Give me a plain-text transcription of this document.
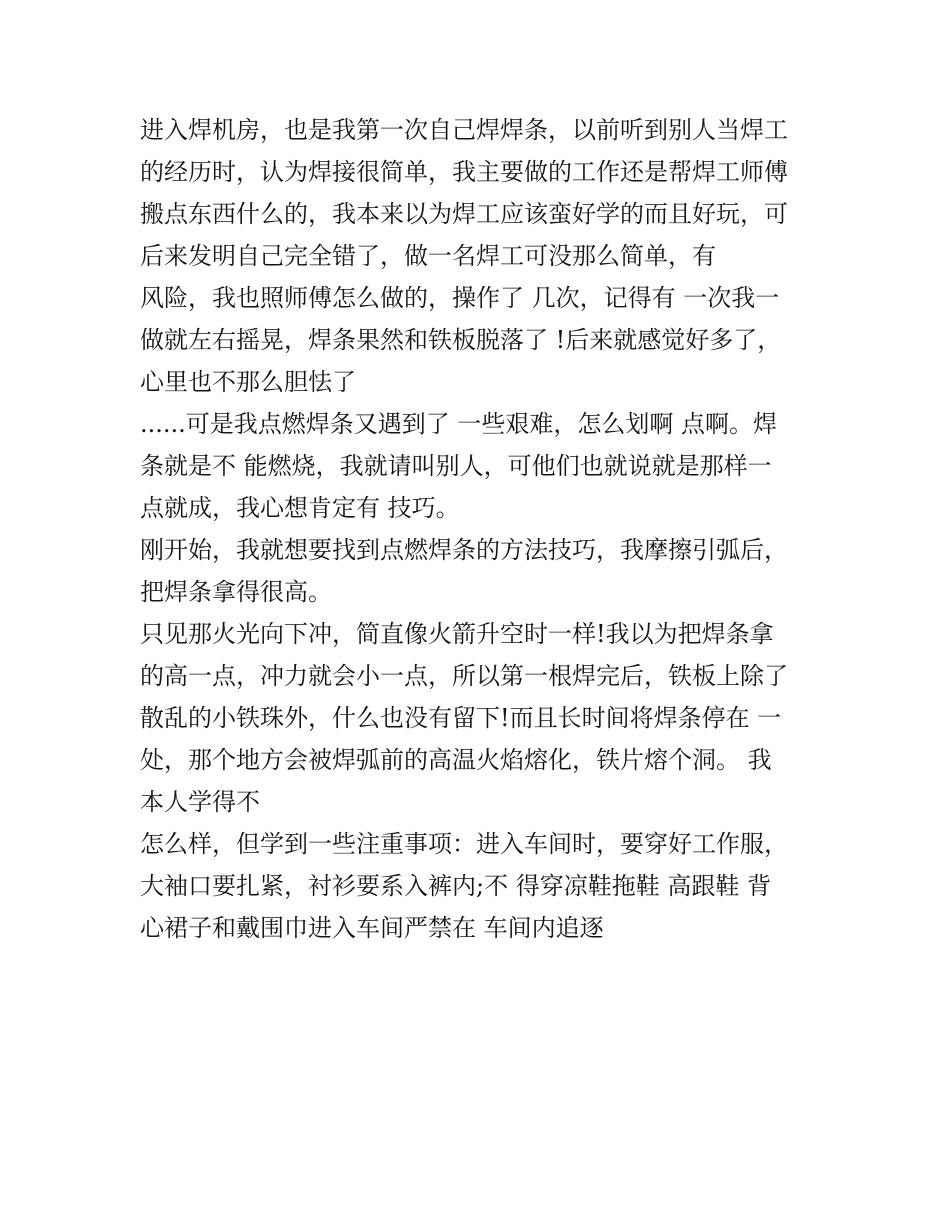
进入焊机房，也是我第一次自己焊焊条，以前听到别人当焊工
的经历时，认为焊接很简单，我主要做的工作还是帮焊工师傅
搬点东西什么的，我本来以为焊工应该蛮好学的而且好玩，可
后来发明自己完全错了，做一名焊工可没那么简单，有
风险，我也照师傅怎么做的，操作了 几次，记得有 一次我一
做就左右摇晃，焊条果然和铁板脱落了 !后来就感觉好多了，
心里也不那么胆怯了
......可是我点燃焊条又遇到了 一些艰难，怎么划啊 点啊。焊
条就是不 能燃烧，我就请叫别人，可他们也就说就是那样一
点就成，我心想肯定有 技巧。
刚开始，我就想要找到点燃焊条的方法技巧，我摩擦引弧后，
把焊条拿得很高。
只见那火光向下冲，简直像火箭升空时一样!我以为把焊条拿
的高一点，冲力就会小一点，所以第一根焊完后，铁板上除了
散乱的小铁珠外，什么也没有留下!而且长时间将焊条停在 一
处，那个地方会被焊弧前的高温火焰熔化，铁片熔个洞。 我
本人学得不
怎么样，但学到一些注重事项：进入车间时，要穿好工作服，
大袖口要扎紧，衬衫要系入裤内;不 得穿凉鞋拖鞋 高跟鞋 背
心裙子和戴围巾进入车间严禁在 车间内追逐
